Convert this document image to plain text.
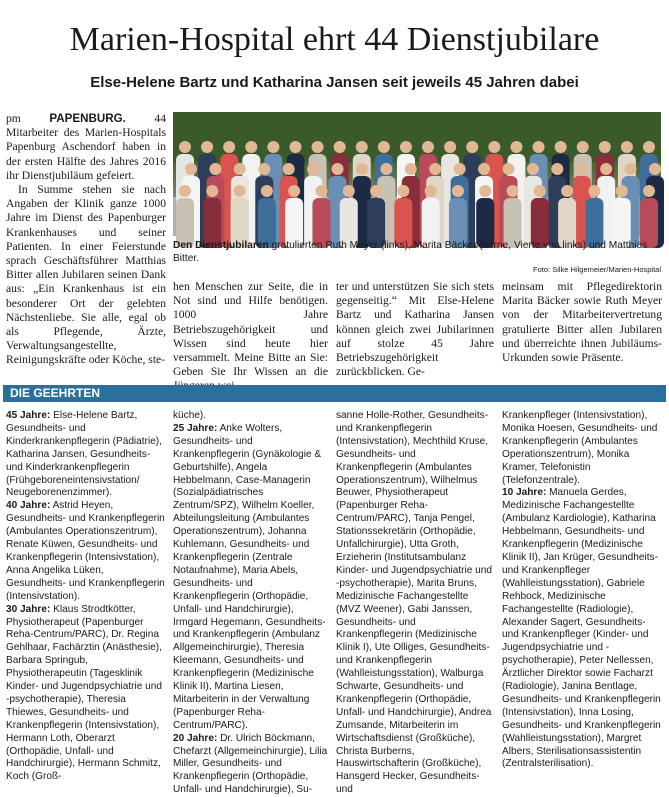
Marien-Hospital ehrt 44 Dienstjubilare
Else-Helene Bartz und Katharina Jansen seit jeweils 45 Jahren dabei
pm PAPENBURG. 44 Mitarbeiter des Marien-Hospitals Papenburg Aschendorf haben in der ersten Hälfte des Jahres 2016 ihr Dienstjubiläum gefeiert.
In Summe stehen sie nach Angaben der Klinik ganze 1000 Jahre im Dienst des Papenburger Krankenhauses und seiner Patienten. In einer Feierstunde sprach Geschäftsführer Matthias Bitter allen Jubilaren seinen Dank aus: „Ein Krankenhaus ist ein besonderer Ort der gelebten Nächstenliebe. Sie alle, egal ob als Pflegende, Ärzte, Verwaltungsangestellte, Reinigungskräfte oder Köche, ste-
Den Dienstjubilaren gratulierten Ruth Meyer (links), Marita Bäcker (vorne, Vierte von links) und Matthias Bitter.
Foto: Silke Hilgemeier/Marien-Hospital
hen Menschen zur Seite, die in Not sind und Hilfe benötigen. 1000 Jahre Betriebszugehörigkeit und Wissen sind heute hier versammelt. Meine Bitte an Sie: Geben Sie Ihr Wissen an die
ter und unterstützen Sie sich stets gegenseitig.“ Mit Else-Helene Bartz und Katharina Jansen können gleich zwei Jubilarinnen auf stolze 45 Jahre Betriebszugehörigkeit zurückblicken. Ge-
meinsam mit Pflegedirektorin Marita Bäcker sowie Ruth Meyer von der Mitarbeitervertretung gratulierte Bitter allen Jubilaren und überreichte ihnen Jubiläums-Urkunden sowie Präsente.
DIE GEEHRTEN
45 Jahre: Else-Helene Bartz, Gesundheits- und Kinderkrankenpflegerin (Pädiatrie), Katharina Jansen, Gesundheits- und Kinderkrankenpflegerin (Frühgeboreneintensivstation/ Neugeborenenzimmer).
40 Jahre: Astrid Heyen, Gesundheits- und Krankenpflegerin (Ambulantes Operationszentrum), Renate Küwen, Gesundheits- und Krankenpflegerin (Intensivstation), Anna Angelika Lüken, Gesundheits- und Krankenpflegerin (Intensivstation).
30 Jahre: Klaus Strodtkötter, Physiotherapeut (Papenburger Reha-Centrum/PARC), Dr. Regina Gehlhaar, Fachärztin (Anästhesie), Barbara Springub, Physiotherapeutin (Tagesklinik Kinder- und Jugendpsychiatrie und -psychotherapie), Theresia Thiewes, Gesundheits- und Krankenpflegerin (Intensivstation), Hermann Loth, Oberarzt (Orthopädie, Unfall- und Handchirurgie), Hermann Schmitz, Koch (Groß-
küche).
25 Jahre: Anke Wolters, Gesundheits- und Krankenpflegerin (Gynäkologie & Geburtshilfe), Angela Hebbelmann, Case-Managerin (Sozialpädiatrisches Zentrum/SPZ), Wilhelm Koeller, Abteilungsleitung (Ambulantes Operationszentrum), Johanna Kuhlemann, Gesundheits- und Krankenpflegerin (Zentrale Notaufnahme), Maria Abels, Gesundheits- und Krankenpflegerin (Orthopädie, Unfall- und Handchirurgie), Irmgard Hegemann, Gesundheits- und Krankenpflegerin (Ambulanz Allgemeinchirurgie), Theresia Kleemann, Gesundheits- und Krankenpflegerin (Medizinische Klinik II), Martina Liesen, Mitarbeiterin in der Verwaltung (Papenburger Reha-Centrum/PARC).
20 Jahre: Dr. Ulrich Böckmann, Chefarzt (Allgemeinchirurgie), Lilia Miller, Gesundheits- und Krankenpflegerin (Orthopädie, Unfall- und Handchirurgie), Su-
sanne Holle-Rother, Gesundheits- und Krankenpflegerin (Intensivstation), Mechthild Kruse, Gesundheits- und Krankenpflegerin (Ambulantes Operationszentrum), Wilhelmus Beuwer, Physiotherapeut (Papenburger Reha-Centrum/PARC), Tanja Pengel, Stationssekretärin (Orthopädie, Unfallchirurgie), Utta Groth, Erzieherin (Institutsambulanz Kinder- und Jugendpsychiatrie und -psychotherapie), Marita Bruns, Medizinische Fachangestellte (MVZ Weener), Gabi Janssen, Gesundheits- und Krankenpflegerin (Medizinische Klinik I), Ute Olliges, Gesundheits- und Krankenpflegerin (Wahlleistungsstation), Walburga Schwarte, Gesundheits- und Krankenpflegerin (Orthopädie, Unfall- und Handchirurgie), Andrea Zumsande, Mitarbeiterin im Wirtschaftsdienst (Großküche), Christa Burberns, Hauswirtschafterin (Großküche), Hansgerd Hecker, Gesundheits- und
Krankenpfleger (Intensivstation), Monika Hoesen, Gesundheits- und Krankenpflegerin (Ambulantes Operationszentrum), Monika Kramer, Telefonistin (Telefonzentrale).
10 Jahre: Manuela Gerdes, Medizinische Fachangestellte (Ambulanz Kardiologie), Katharina Hebbelmann, Gesundheits- und Krankenpflegerin (Medizinische Klinik II), Jan Krüger, Gesundheits- und Krankenpfleger (Wahlleistungsstation), Gabriele Rehbock, Medizinische Fachangestellte (Radiologie), Alexander Sagert, Gesundheits- und Krankenpfleger (Kinder- und Jugendpsychiatrie und -psychotherapie), Peter Nellessen, Ärztlicher Direktor sowie Facharzt (Radiologie), Janina Bentlage, Gesundheits- und Krankenpflegerin (Intensivstation), Inna Losing, Gesundheits- und Krankenpflegerin (Wahlleistungsstation), Margret Albers, Sterilisationsassistentin (Zentralsterilisation).
